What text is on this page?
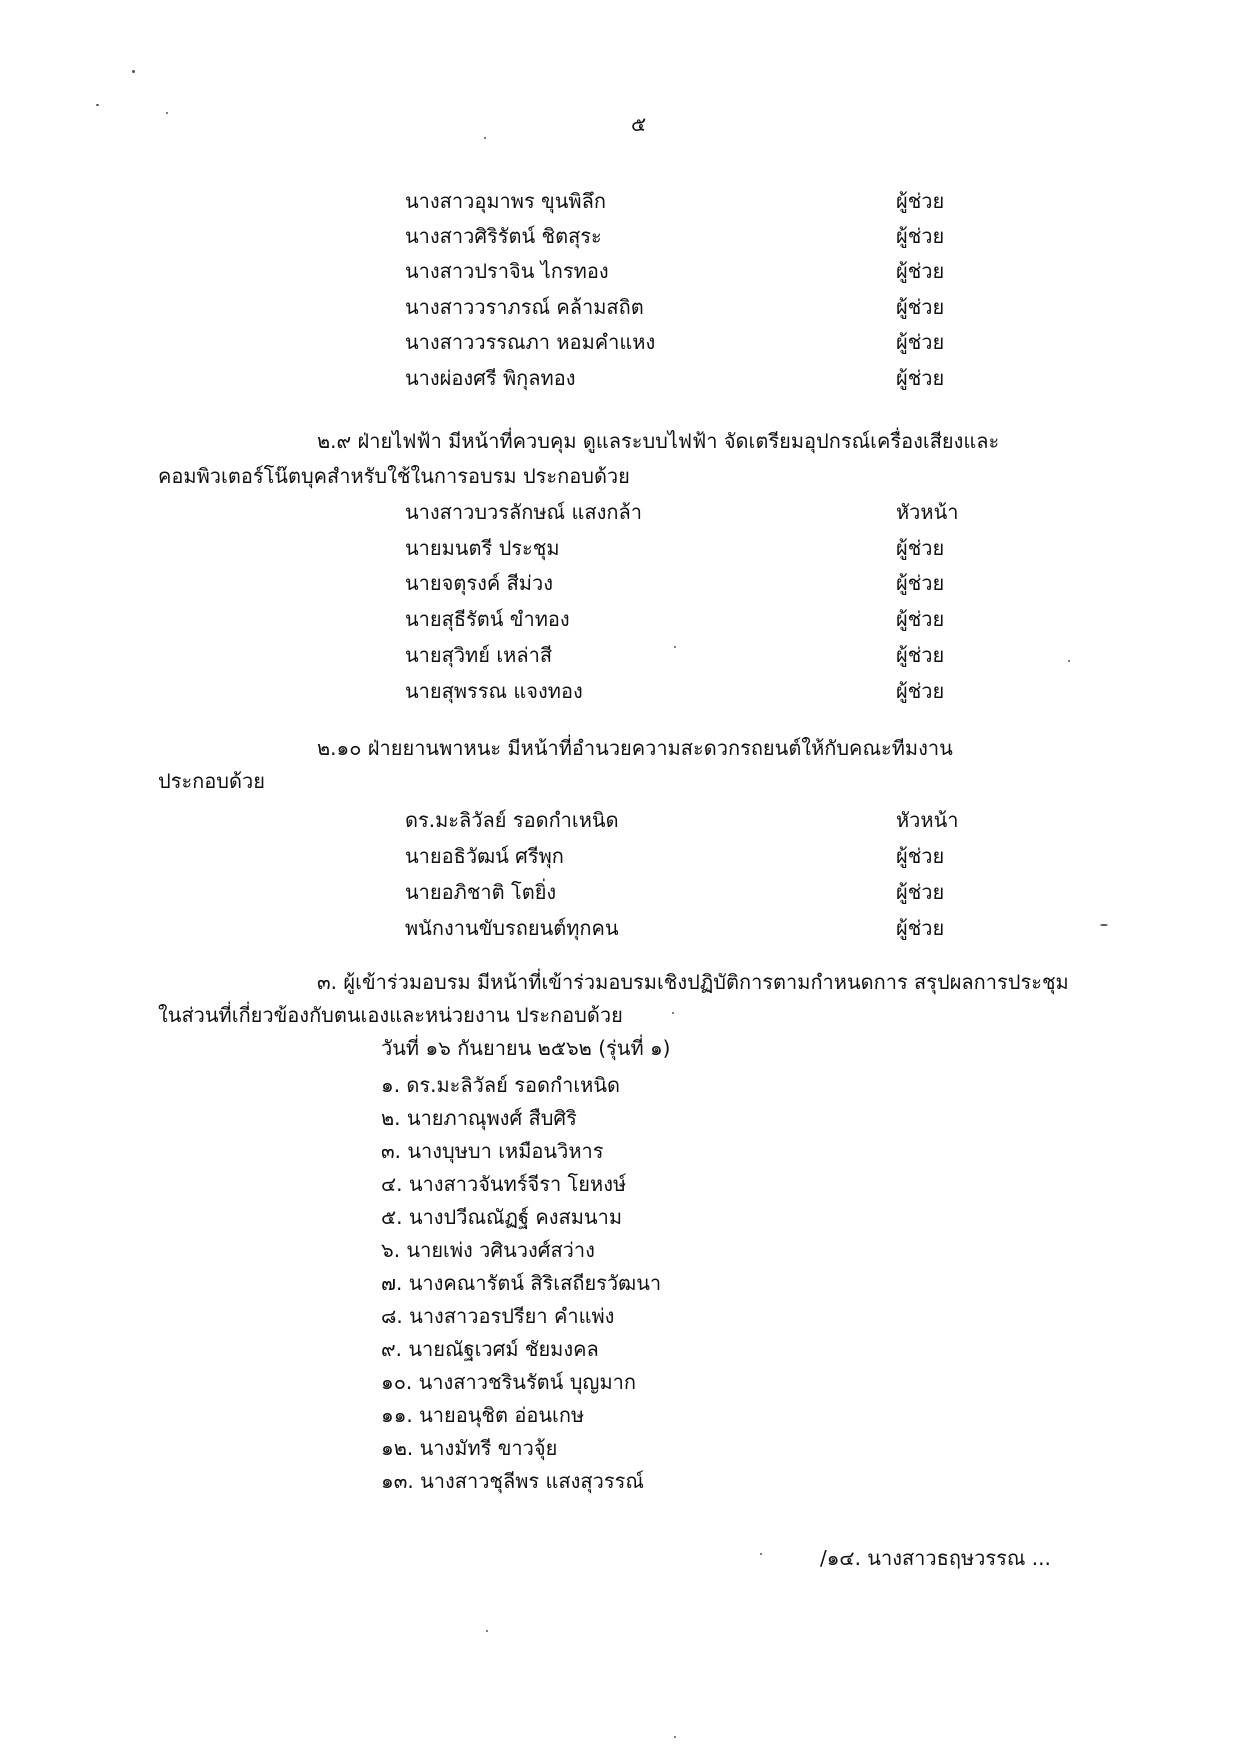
๕
นางสาวอุมาพร ขุนพิลึก	ผู้ช่วย
นางสาวศิริรัตน์ ชิตสุระ	ผู้ช่วย
นางสาวปราจิน ไกรทอง	ผู้ช่วย
นางสาววราภรณ์ คล้ามสถิต	ผู้ช่วย
นางสาววรรณภา หอมคำแหง	ผู้ช่วย
นางผ่องศรี พิกุลทอง	ผู้ช่วย
๒.๙ ฝ่ายไฟฟ้า มีหน้าที่ควบคุม ดูแลระบบไฟฟ้า จัดเตรียมอุปกรณ์เครื่องเสียงและ
คอมพิวเตอร์โน๊ตบุคสำหรับใช้ในการอบรม ประกอบด้วย
นางสาวบวรลักษณ์ แสงกล้า	หัวหน้า
นายมนตรี ประชุม	ผู้ช่วย
นายจตุรงค์ สีม่วง	ผู้ช่วย
นายสุธีรัตน์ ขำทอง	ผู้ช่วย
นายสุวิทย์ เหล่าสี	ผู้ช่วย
นายสุพรรณ แจงทอง	ผู้ช่วย
๒.๑๐ ฝ่ายยานพาหนะ มีหน้าที่อำนวยความสะดวกรถยนต์ให้กับคณะทีมงาน
ประกอบด้วย
ดร.มะลิวัลย์ รอดกำเหนิด	หัวหน้า
นายอธิวัฒน์ ศรีพุก	ผู้ช่วย
นายอภิชาติ โตยิ่ง	ผู้ช่วย
พนักงานขับรถยนต์ทุกคน	ผู้ช่วย
๓. ผู้เข้าร่วมอบรม มีหน้าที่เข้าร่วมอบรมเชิงปฏิบัติการตามกำหนดการ สรุปผลการประชุม
ในส่วนที่เกี่ยวข้องกับตนเองและหน่วยงาน ประกอบด้วย
วันที่ ๑๖ กันยายน ๒๕๖๒ (รุ่นที่ ๑)
๑. ดร.มะลิวัลย์ รอดกำเหนิด
๒. นายภาณุพงศ์ สืบศิริ
๓. นางบุษบา เหมือนวิหาร
๔. นางสาวจันทร์จีรา โยหงษ์
๕. นางปวีณณัฏฐ์ คงสมนาม
๖. นายเพ่ง วศินวงศ์สว่าง
๗. นางคณารัตน์ สิริเสถียรวัฒนา
๘. นางสาวอรปรียา คำแพ่ง
๙. นายณัฐเวศม์ ชัยมงคล
๑๐. นางสาวชรินรัตน์ บุญมาก
๑๑. นายอนุชิต อ่อนเกษ
๑๒. นางมัทรี ขาวจุ้ย
๑๓. นางสาวชุลีพร แสงสุวรรณ์
/๑๔. นางสาวธฤษวรรณ ...
